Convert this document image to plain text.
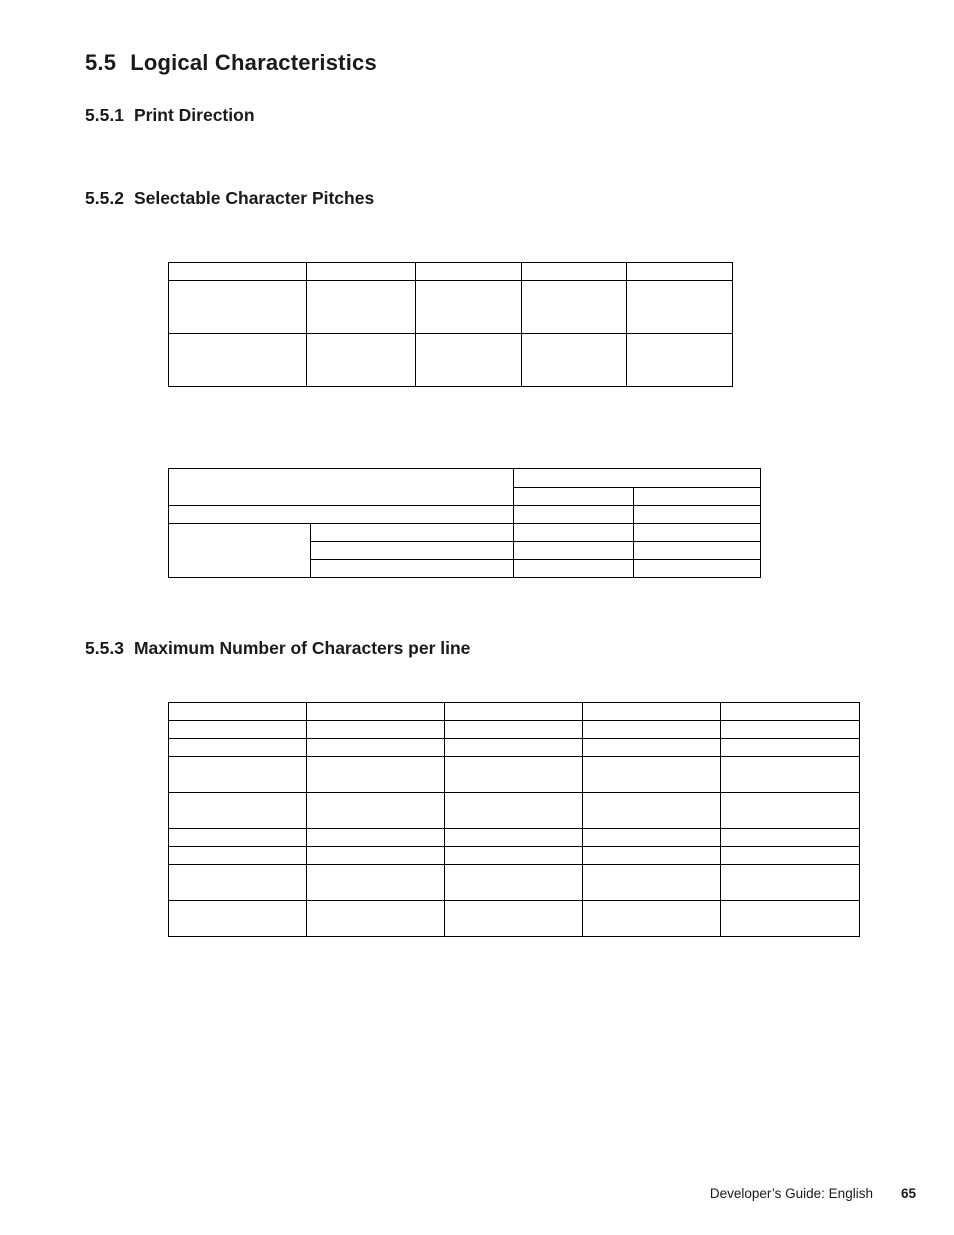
5.5 Logical Characteristics
5.5.1 Print Direction
5.5.2 Selectable Character Pitches

5.5.3 Maximum Number of Characters per line

Developer’s Guide: English 65
